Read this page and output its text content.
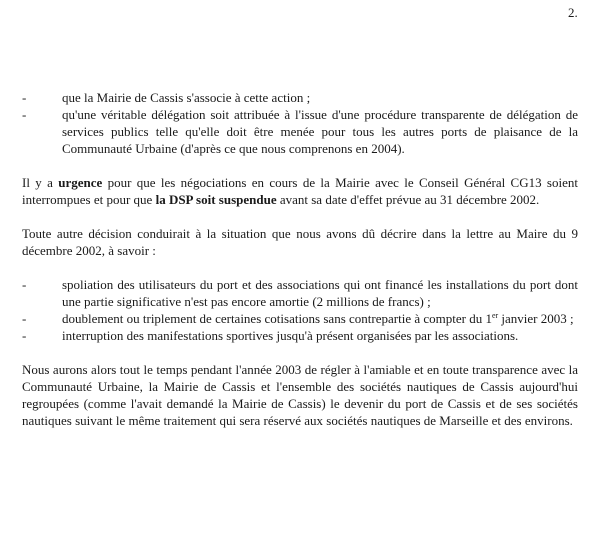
2.
-	que la Mairie de Cassis s'associe à cette action ;
-	qu'une véritable délégation soit attribuée à l'issue d'une procédure transparente de délégation de services publics telle qu'elle doit être menée pour tous les autres ports de plaisance de la Communauté Urbaine (d'après ce que nous comprenons en 2004).

Il y a urgence pour que les négociations en cours de la Mairie avec le Conseil Général CG13 soient interrompues et pour que la DSP soit suspendue avant sa date d'effet prévue au 31 décembre 2002.

Toute autre décision conduirait à la situation que nous avons dû décrire dans la lettre au Maire du 9 décembre 2002, à savoir :

-	spoliation des utilisateurs du port et des associations qui ont financé les installations du port dont une partie significative n'est pas encore amortie (2 millions de francs) ;
-	doublement ou triplement de certaines cotisations sans contrepartie à compter du 1er janvier 2003 ;
-	interruption des manifestations sportives jusqu'à présent organisées par les associations.

Nous aurons alors tout le temps pendant l'année 2003 de régler à l'amiable et en toute transparence avec la Communauté Urbaine, la Mairie de Cassis et l'ensemble des sociétés nautiques de Cassis aujourd'hui regroupées (comme l'avait demandé la Mairie de Cassis) le devenir du port de Cassis et de ses sociétés nautiques suivant le même traitement qui sera réservé aux sociétés nautiques de Marseille et des environs.
